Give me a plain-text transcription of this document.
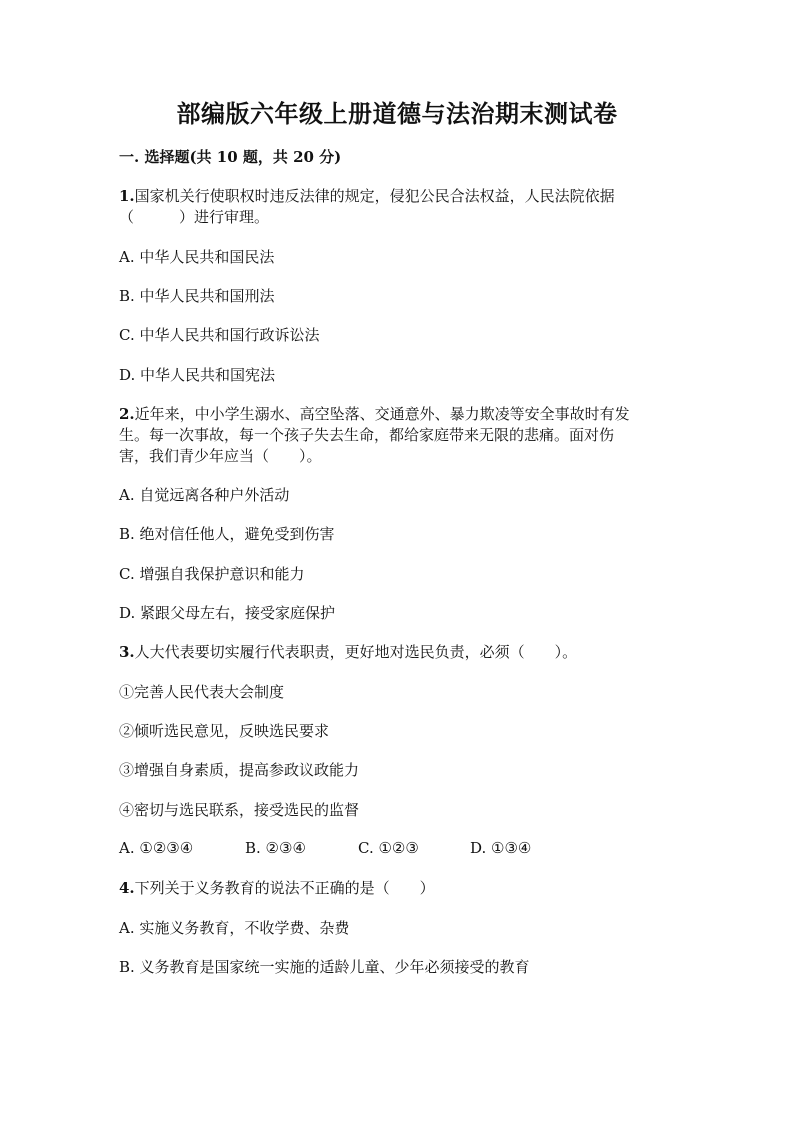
部编版六年级上册道德与法治期末测试卷
一. 选择题(共 10 题，共 20 分)
1.国家机关行使职权时违反法律的规定，侵犯公民合法权益，人民法院依据
（　　　）进行审理。
A. 中华人民共和国民法
B. 中华人民共和国刑法
C. 中华人民共和国行政诉讼法
D. 中华人民共和国宪法
2.近年来，中小学生溺水、高空坠落、交通意外、暴力欺凌等安全事故时有发
生。每一次事故，每一个孩子失去生命，都给家庭带来无限的悲痛。面对伤
害，我们青少年应当（　　）。
A. 自觉远离各种户外活动
B. 绝对信任他人，避免受到伤害
C. 增强自我保护意识和能力
D. 紧跟父母左右，接受家庭保护
3.人大代表要切实履行代表职责，更好地对选民负责，必须（　　）。
①完善人民代表大会制度
②倾听选民意见，反映选民要求
③增强自身素质，提高参政议政能力
④密切与选民联系，接受选民的监督
A. ①②③④	B. ②③④	C. ①②③	D. ①③④
4.下列关于义务教育的说法不正确的是（　　）
A. 实施义务教育，不收学费、杂费
B. 义务教育是国家统一实施的适龄儿童、少年必须接受的教育
